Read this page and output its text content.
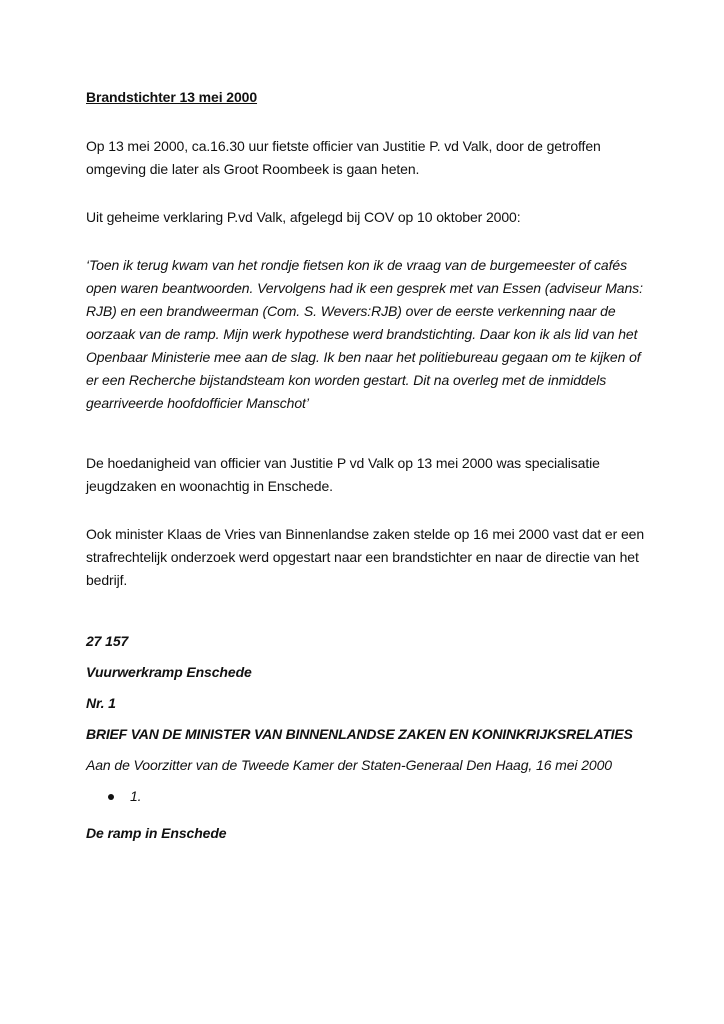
Brandstichter 13 mei 2000

Op 13 mei 2000, ca.16.30 uur fietste officier van Justitie P. vd Valk, door de getroffen omgeving die later als Groot Roombeek is gaan heten.

Uit geheime verklaring P.vd Valk, afgelegd bij COV op 10 oktober 2000:

‘Toen ik terug kwam van het rondje fietsen kon ik de vraag van de burgemeester of cafés open waren beantwoorden. Vervolgens had ik een gesprek met van Essen (adviseur Mans: RJB) en een brandweerman (Com. S. Wevers:RJB) over de eerste verkenning naar de oorzaak van de ramp. Mijn werk hypothese werd brandstichting. Daar kon ik als lid van het Openbaar Ministerie mee aan de slag. Ik ben naar het politiebureau gegaan om te kijken of er een Recherche bijstandsteam kon worden gestart. Dit na overleg met de inmiddels gearriveerde hoofdofficier Manschot’

De hoedanigheid van officier van Justitie P vd Valk op 13 mei 2000 was specialisatie jeugdzaken en woonachtig in Enschede.

Ook minister Klaas de Vries van Binnenlandse zaken stelde op 16 mei 2000 vast dat er een strafrechtelijk onderzoek werd opgestart naar een brandstichter en naar de directie van het bedrijf.

27 157

Vuurwerkramp Enschede

Nr. 1

BRIEF VAN DE MINISTER VAN BINNENLANDSE ZAKEN EN KONINKRIJKSRELATIES

Aan de Voorzitter van de Tweede Kamer der Staten-Generaal Den Haag, 16 mei 2000

1.

De ramp in Enschede
